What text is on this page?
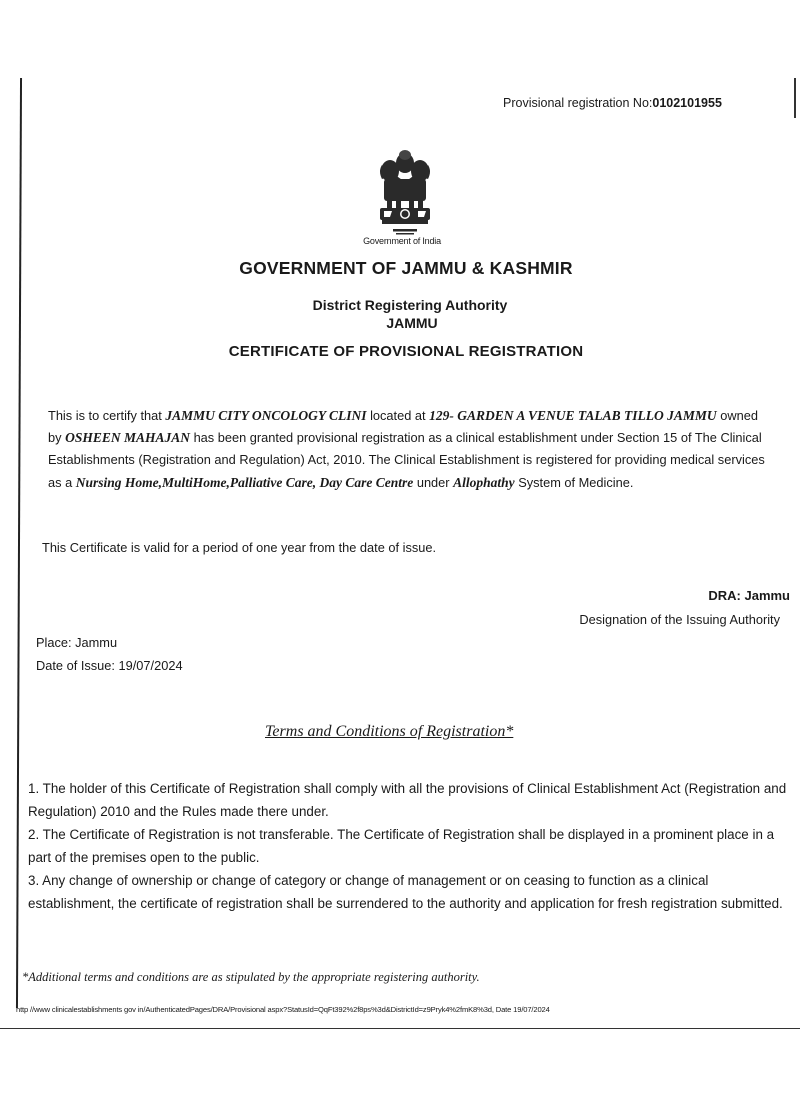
Provisional registration No:0102101955
Government of India
GOVERNMENT OF JAMMU & KASHMIR
District Registering Authority
JAMMU
CERTIFICATE OF PROVISIONAL REGISTRATION
This is to certify that JAMMU CITY ONCOLOGY CLINI located at 129- GARDEN A VENUE TALAB TILLO JAMMU owned by OSHEEN MAHAJAN has been granted provisional registration as a clinical establishment under Section 15 of The Clinical Establishments (Registration and Regulation) Act, 2010. The Clinical Establishment is registered for providing medical services as a Nursing Home,MultiHome,Palliative Care, Day Care Centre under Allophathy System of Medicine.
This Certificate is valid for a period of one year from the date of issue.
DRA: Jammu
Designation of the Issuing Authority
Place: Jammu
Date of Issue: 19/07/2024
Terms and Conditions of Registration*
1. The holder of this Certificate of Registration shall comply with all the provisions of Clinical Establishment Act (Registration and Regulation) 2010 and the Rules made there under.
2. The Certificate of Registration is not transferable. The Certificate of Registration shall be displayed in a prominent place in a part of the premises open to the public.
3. Any change of ownership or change of category or change of management or on ceasing to function as a clinical establishment, the certificate of registration shall be surrendered to the authority and application for fresh registration submitted.
*Additional terms and conditions are as stipulated by the appropriate registering authority.
http //www clinicalestablishments gov in/AuthenticatedPages/DRA/Provisional aspx?StatusId=QqFt392%2f8ps%3d&DistrictId=z9Pryk4%2fmK8%3d, Date 19/07/2024
